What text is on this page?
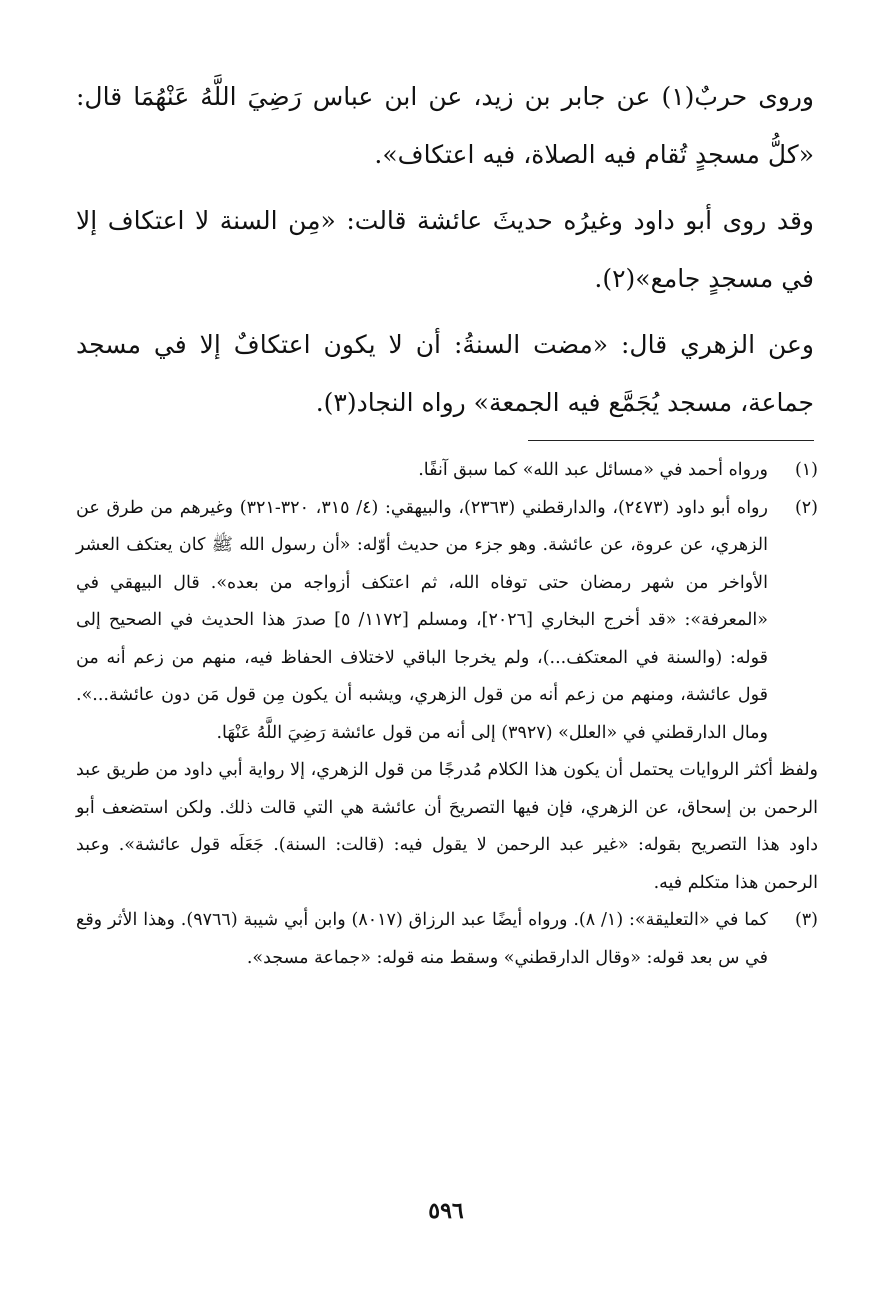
وروى حربٌ(١) عن جابر بن زيد، عن ابن عباس رَضِيَ اللَّهُ عَنْهُمَا قال: «كلُّ مسجدٍ تُقام فيه الصلاة، فيه اعتكاف».

وقد روى أبو داود وغيرُه حديثَ عائشة قالت: «مِن السنة لا اعتكاف إلا في مسجدٍ جامع»(٢).

وعن الزهري قال: «مضت السنةُ: أن لا يكون اعتكافٌ إلا في مسجد جماعة، مسجد يُجَمَّع فيه الجمعة» رواه النجاد(٣).

(١)
ورواه أحمد في «مسائل عبد الله» كما سبق آنفًا.
(٢)
رواه أبو داود (٢٤٧٣)، والدارقطني (٢٣٦٣)، والبيهقي: (٤/ ٣١٥، ٣٢٠-٣٢١) وغيرهم من طرق عن الزهري، عن عروة، عن عائشة. وهو جزء من حديث أوّله: «أن رسول الله ﷺ كان يعتكف العشر الأواخر من شهر رمضان حتى توفاه الله، ثم اعتكف أزواجه من بعده». قال البيهقي في «المعرفة»: «قد أخرج البخاري [٢٠٢٦]، ومسلم [١١٧٢/ ٥] صدرَ هذا الحديث في الصحيح إلى قوله: (والسنة في المعتكف...)، ولم يخرجا الباقي لاختلاف الحفاظ فيه، منهم من زعم أنه من قول عائشة، ومنهم من زعم أنه من قول الزهري، ويشبه أن يكون مِن قول مَن دون عائشة...». ومال الدارقطني في «العلل» (٣٩٢٧) إلى أنه من قول عائشة رَضِيَ اللَّهُ عَنْهَا.
ولفظ أكثر الروايات يحتمل أن يكون هذا الكلام مُدرجًا من قول الزهري، إلا رواية أبي داود من طريق عبد الرحمن بن إسحاق، عن الزهري، فإن فيها التصريحَ أن عائشة هي التي قالت ذلك. ولكن استضعف أبو داود هذا التصريح بقوله: «غير عبد الرحمن لا يقول فيه: (قالت: السنة). جَعَلَه قول عائشة». وعبد الرحمن هذا متكلم فيه.
(٣)
كما في «التعليقة»: (١/ ٨). ورواه أيضًا عبد الرزاق (٨٠١٧) وابن أبي شيبة (٩٧٦٦). وهذا الأثر وقع في س بعد قوله: «وقال الدارقطني» وسقط منه قوله: «جماعة مسجد».
٥٩٦
